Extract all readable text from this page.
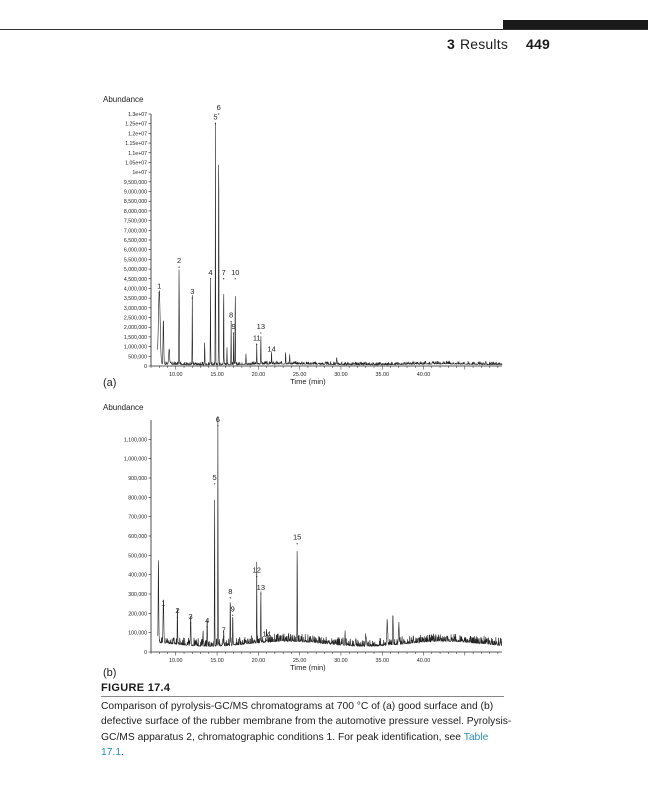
3 Results 449
Abundance
0
500,000
1,000,000
1,500,000
2,000,000
2,500,000
3,000,000
3,500,000
4,000,000
4,500,000
5,000,000
5,500,000
6,000,000
6,500,000
7,000,000
7,500,000
8,000,000
8,500,000
9,000,000
9,500,000
1e+07
1.05e+07
1.1e+07
1.15e+07
1.2e+07
1.25e+07
1.3e+07
10.00	15.00	20.00	25.00	30.00	35.00	40.00
Time (min)
(a)
1
2
3
4
5
6
7
8
9
10
11
13
14
Abundance
0
100,000
200,000
300,000
400,000
500,000
600,000
700,000
800,000
900,000
1,000,000
1,100,000
10.00	15.00	20.00	25.00	30.00	35.00	40.00
Time (min)
(b)
1
2
3 4
5
6
7
8
9
12
13
14
15
FIGURE 17.4
Comparison of pyrolysis-GC/MS chromatograms at 700 °C of (a) good surface and (b) defective surface of the rubber membrane from the automotive pressure vessel. Pyrolysis-GC/MS apparatus 2, chromatographic conditions 1. For peak identification, see Table 17.1.
